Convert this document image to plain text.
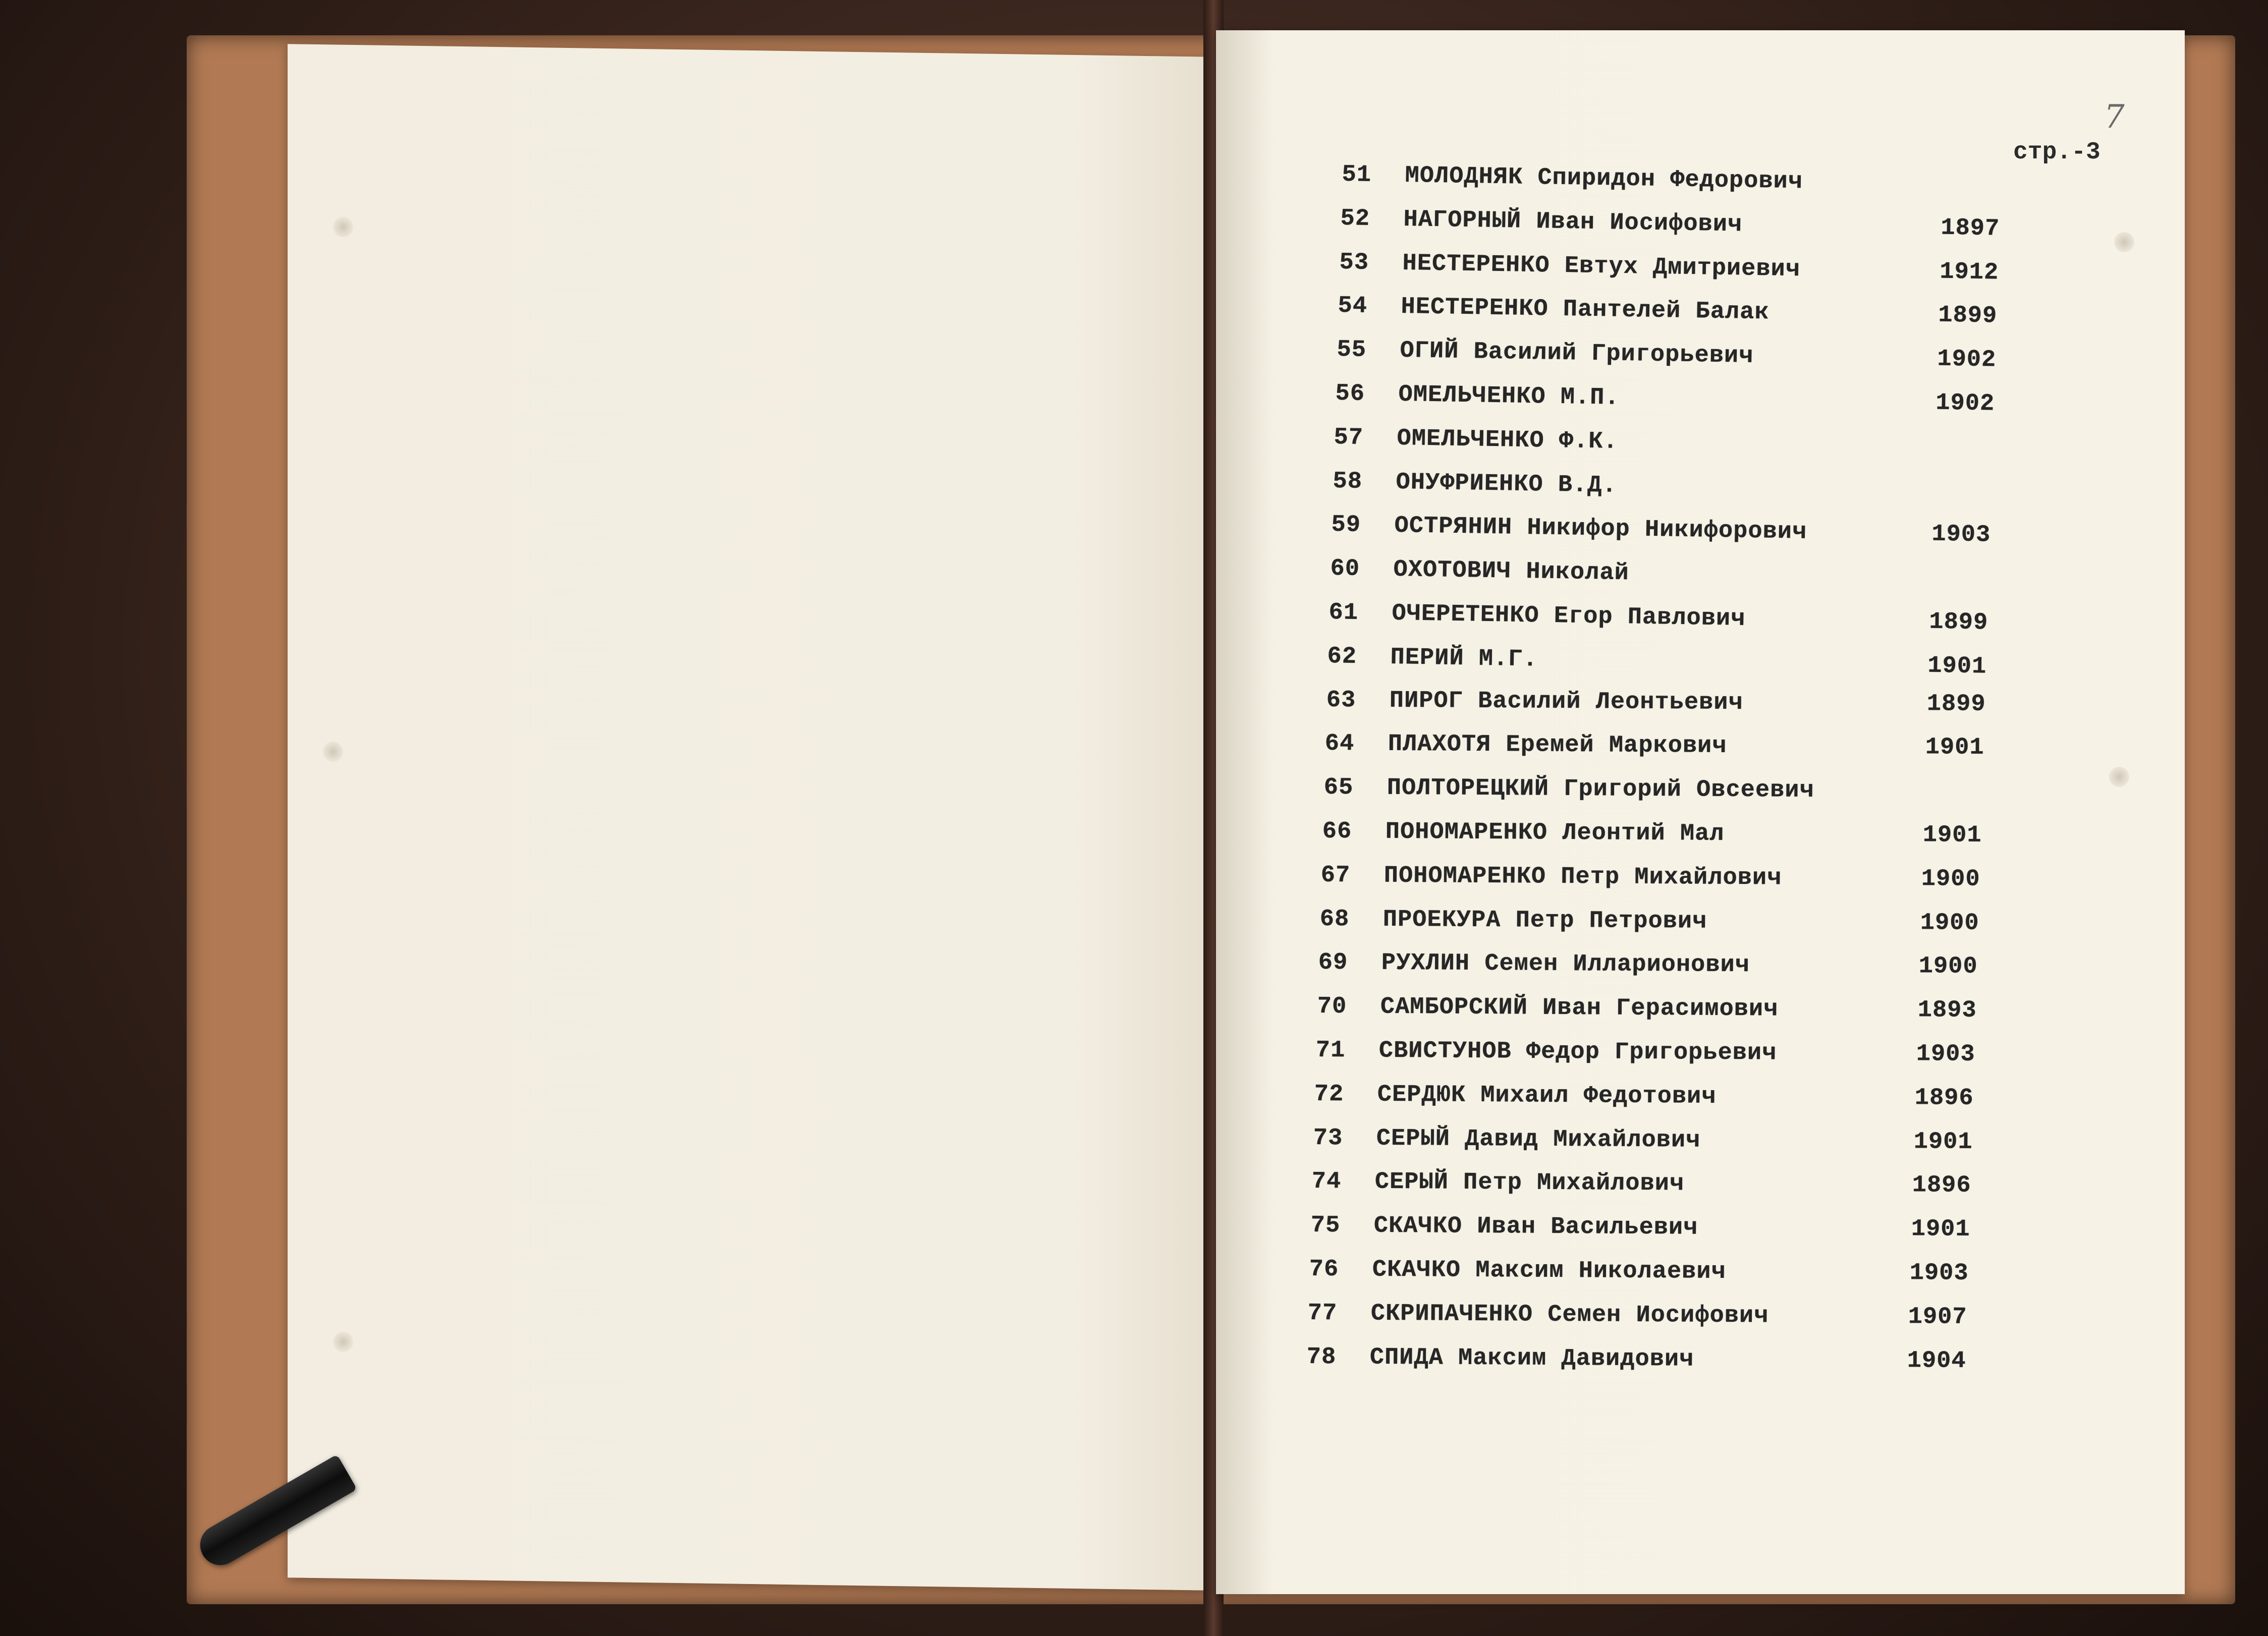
7
стр.-3
51 МОЛОДНЯК Спиридон Федорович
52 НАГОРНЫЙ Иван Иосифович	1897
53 НЕСТЕРЕНКО Евтух Дмитриевич	1912
54 НЕСТЕРЕНКО Пантелей Балак	1899
55 ОГИЙ Василий Григорьевич	1902
56 ОМЕЛЬЧЕНКО М.П.	1902
57 ОМЕЛЬЧЕНКО Ф.К.
58 ОНУФРИЕНКО В.Д.
59 ОСТРЯНИН Никифор Никифорович	1903
60 ОХОТОВИЧ Николай
61 ОЧЕРЕТЕНКО Егор Павлович	1899
62 ПЕРИЙ М.Г.	1901
63 ПИРОГ Василий Леонтьевич	1899
64 ПЛАХОТЯ Еремей Маркович	1901
65 ПОЛТОРЕЦКИЙ Григорий Овсеевич
66 ПОНОМАРЕНКО Леонтий Мал	1901
67 ПОНОМАРЕНКО Петр Михайлович	1900
68 ПРОЕКУРА Петр Петрович	1900
69 РУХЛИН Семен Илларионович	1900
70 САМБОРСКИЙ Иван Герасимович	1893
71 СВИСТУНОВ Федор Григорьевич	1903
72 СЕРДЮК Михаил Федотович	1896
73 СЕРЫЙ Давид Михайлович	1901
74 СЕРЫЙ Петр Михайлович	1896
75 СКАЧКО Иван Васильевич	1901
76 СКАЧКО Максим Николаевич	1903
77 СКРИПАЧЕНКО Семен Иосифович	1907
78 СПИДА Максим Давидович	1904
